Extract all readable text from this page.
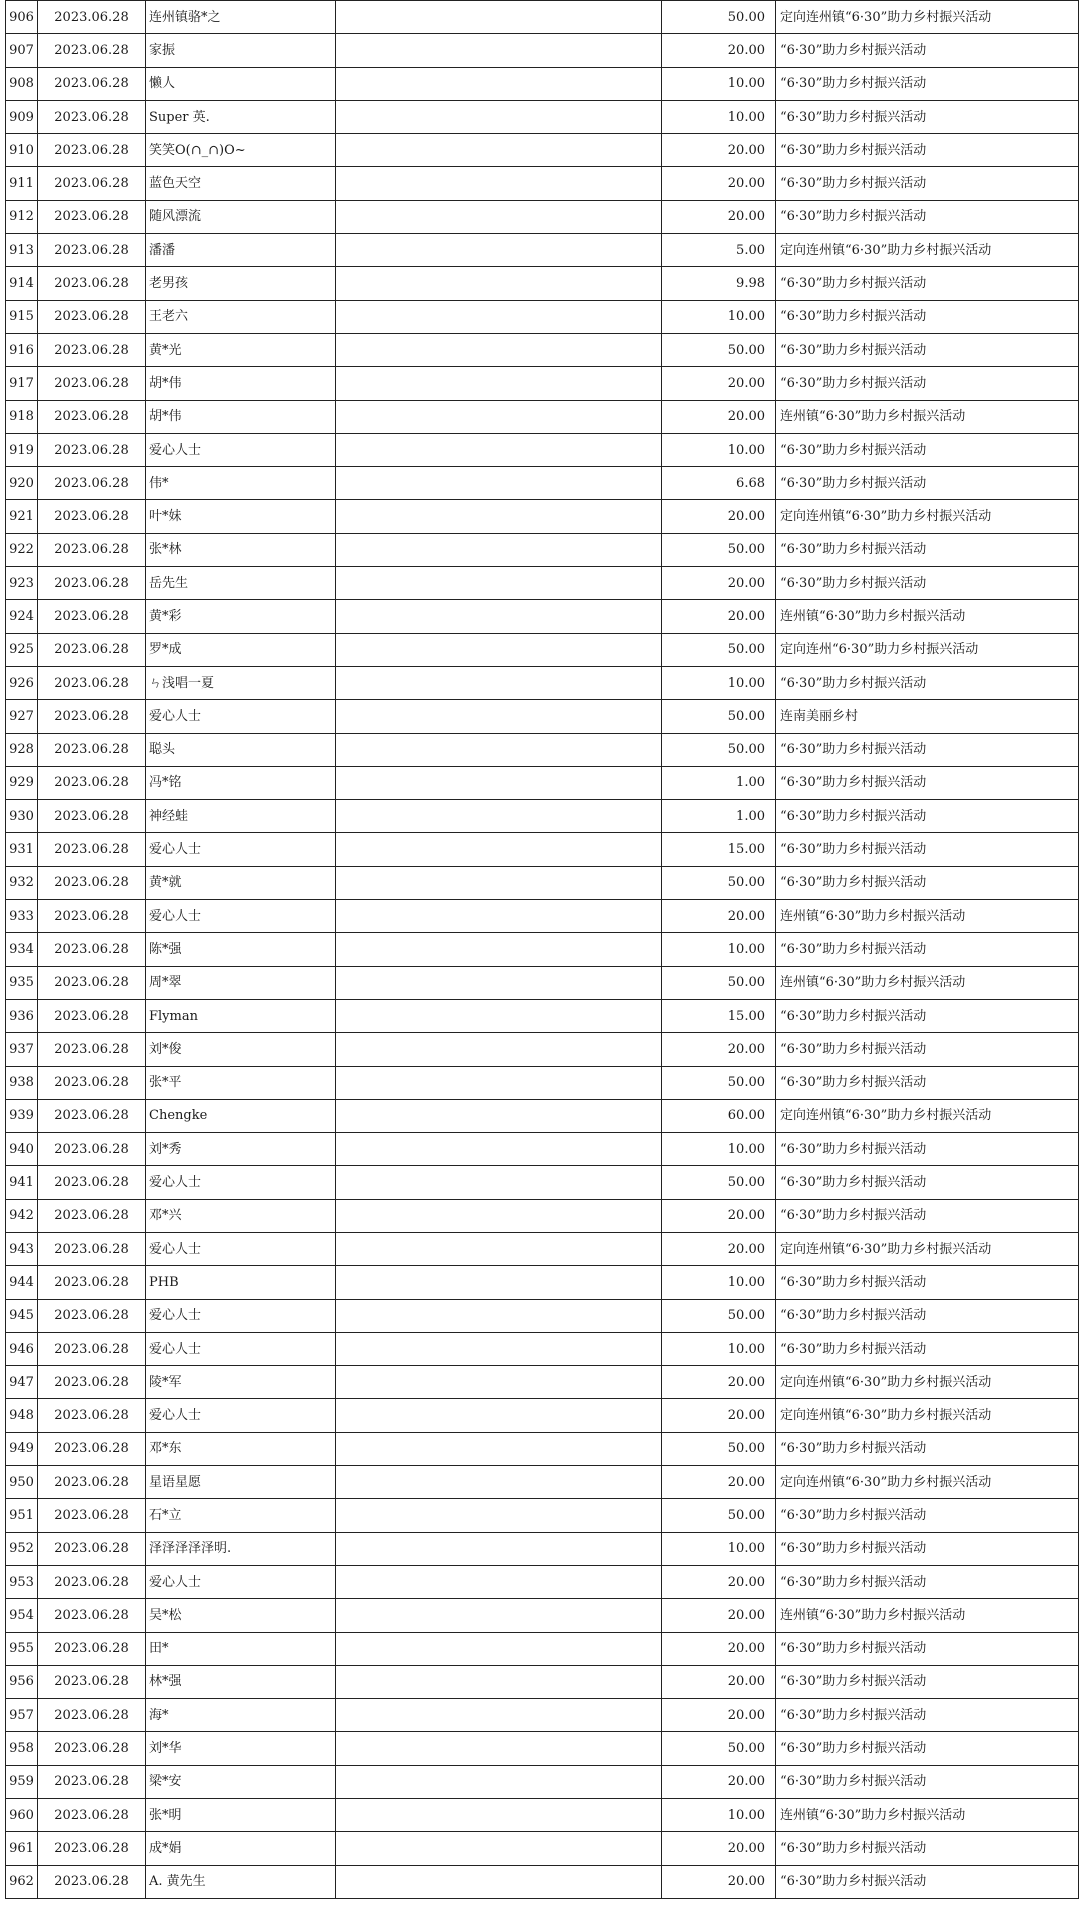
906	2023.06.28	连州镇骆*之		50.00	定向连州镇“6·30”助力乡村振兴活动
907	2023.06.28	家振		20.00	“6·30”助力乡村振兴活动
908	2023.06.28	懒人		10.00	“6·30”助力乡村振兴活动
909	2023.06.28	Super 英.		10.00	“6·30”助力乡村振兴活动
910	2023.06.28	笑笑O(∩_∩)O~		20.00	“6·30”助力乡村振兴活动
911	2023.06.28	蓝色天空		20.00	“6·30”助力乡村振兴活动
912	2023.06.28	随风漂流		20.00	“6·30”助力乡村振兴活动
913	2023.06.28	潘潘		5.00	定向连州镇“6·30”助力乡村振兴活动
914	2023.06.28	老男孩		9.98	“6·30”助力乡村振兴活动
915	2023.06.28	王老六		10.00	“6·30”助力乡村振兴活动
916	2023.06.28	黄*光		50.00	“6·30”助力乡村振兴活动
917	2023.06.28	胡*伟		20.00	“6·30”助力乡村振兴活动
918	2023.06.28	胡*伟		20.00	连州镇“6·30”助力乡村振兴活动
919	2023.06.28	爱心人士		10.00	“6·30”助力乡村振兴活动
920	2023.06.28	伟*		6.68	“6·30”助力乡村振兴活动
921	2023.06.28	叶*妹		20.00	定向连州镇“6·30”助力乡村振兴活动
922	2023.06.28	张*林		50.00	“6·30”助力乡村振兴活动
923	2023.06.28	岳先生		20.00	“6·30”助力乡村振兴活动
924	2023.06.28	黄*彩		20.00	连州镇“6·30”助力乡村振兴活动
925	2023.06.28	罗*成		50.00	定向连州“6·30”助力乡村振兴活动
926	2023.06.28	ㄣ浅唱一夏		10.00	“6·30”助力乡村振兴活动
927	2023.06.28	爱心人士		50.00	连南美丽乡村
928	2023.06.28	聪头		50.00	“6·30”助力乡村振兴活动
929	2023.06.28	冯*铭		1.00	“6·30”助力乡村振兴活动
930	2023.06.28	神经蛙		1.00	“6·30”助力乡村振兴活动
931	2023.06.28	爱心人士		15.00	“6·30”助力乡村振兴活动
932	2023.06.28	黄*就		50.00	“6·30”助力乡村振兴活动
933	2023.06.28	爱心人士		20.00	连州镇“6·30”助力乡村振兴活动
934	2023.06.28	陈*强		10.00	“6·30”助力乡村振兴活动
935	2023.06.28	周*翠		50.00	连州镇“6·30”助力乡村振兴活动
936	2023.06.28	Flyman		15.00	“6·30”助力乡村振兴活动
937	2023.06.28	刘*俊		20.00	“6·30”助力乡村振兴活动
938	2023.06.28	张*平		50.00	“6·30”助力乡村振兴活动
939	2023.06.28	Chengke		60.00	定向连州镇“6·30”助力乡村振兴活动
940	2023.06.28	刘*秀		10.00	“6·30”助力乡村振兴活动
941	2023.06.28	爱心人士		50.00	“6·30”助力乡村振兴活动
942	2023.06.28	邓*兴		20.00	“6·30”助力乡村振兴活动
943	2023.06.28	爱心人士		20.00	定向连州镇“6·30”助力乡村振兴活动
944	2023.06.28	PHB		10.00	“6·30”助力乡村振兴活动
945	2023.06.28	爱心人士		50.00	“6·30”助力乡村振兴活动
946	2023.06.28	爱心人士		10.00	“6·30”助力乡村振兴活动
947	2023.06.28	陵*军		20.00	定向连州镇“6·30”助力乡村振兴活动
948	2023.06.28	爱心人士		20.00	定向连州镇“6·30”助力乡村振兴活动
949	2023.06.28	邓*东		50.00	“6·30”助力乡村振兴活动
950	2023.06.28	星语星愿		20.00	定向连州镇“6·30”助力乡村振兴活动
951	2023.06.28	石*立		50.00	“6·30”助力乡村振兴活动
952	2023.06.28	泽泽泽泽泽明.		10.00	“6·30”助力乡村振兴活动
953	2023.06.28	爱心人士		20.00	“6·30”助力乡村振兴活动
954	2023.06.28	吴*松		20.00	连州镇“6·30”助力乡村振兴活动
955	2023.06.28	田*		20.00	“6·30”助力乡村振兴活动
956	2023.06.28	林*强		20.00	“6·30”助力乡村振兴活动
957	2023.06.28	海*		20.00	“6·30”助力乡村振兴活动
958	2023.06.28	刘*华		50.00	“6·30”助力乡村振兴活动
959	2023.06.28	梁*安		20.00	“6·30”助力乡村振兴活动
960	2023.06.28	张*明		10.00	连州镇“6·30”助力乡村振兴活动
961	2023.06.28	成*娟		20.00	“6·30”助力乡村振兴活动
962	2023.06.28	A. 黄先生		20.00	“6·30”助力乡村振兴活动
